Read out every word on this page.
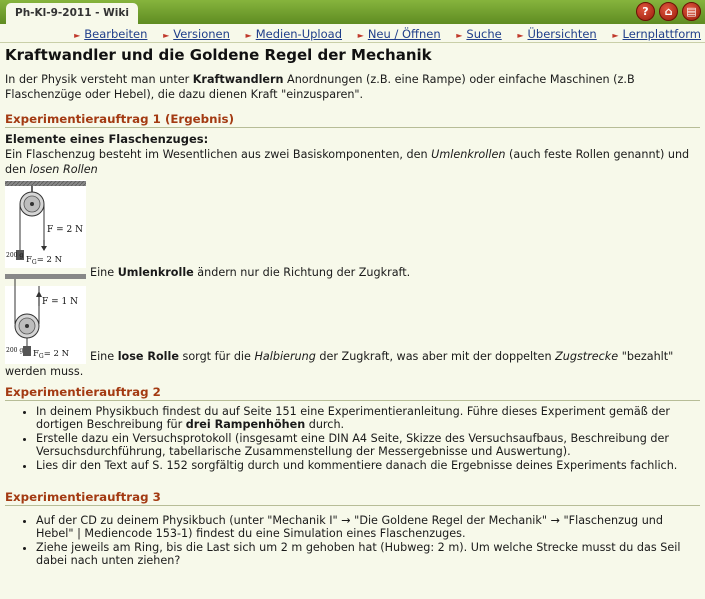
Ph-Kl-9-2011 - Wiki	?	⌂	▤
► Bearbeiten ► Versionen ► Medien-Upload ► Neu / Öffnen ► Suche ► Übersichten ► Lernplattform
Kraftwandler und die Goldene Regel der Mechanik

In der Physik versteht man unter Kraftwandlern Anordnungen (z.B. eine Rampe) oder einfache Maschinen (z.B Flaschenzüge oder Hebel), die dazu dienen Kraft "einzusparen".

Experimentierauftrag 1 (Ergebnis)
Elemente eines Flaschenzuges:

Ein Flaschenzug besteht im Wesentlichen aus zwei Basiskomponenten, den Umlenkrollen (auch feste Rollen genannt) und den losen Rollen

F = 2 N
200 g $F_G= 2$ N
Eine Umlenkrolle ändern nur die Richtung der Zugkraft.
F = 1 N
200 g $F_G= 2$ N	Eine lose Rolle sorgt für die Halbierung der Zugkraft, was aber mit der doppelten Zugstrecke "bezahlt" werden muss.

Experimentierauftrag 2
• In deinem Physikbuch findest du auf Seite 151 eine Experimentieranleitung. Führe dieses Experiment gemäß der dortigen Beschreibung für drei Rampenhöhen durch.
• Erstelle dazu ein Versuchsprotokoll (insgesamt eine DIN A4 Seite, Skizze des Versuchsaufbaus, Beschreibung der Versuchsdurchführung, tabellarische Zusammenstellung der Messergebnisse und Auswertung).
• Lies dir den Text auf S. 152 sorgfältig durch und kommentiere danach die Ergebnisse deines Experiments fachlich.
Experimentierauftrag 3
• Auf der CD zu deinem Physikbuch (unter "Mechanik I" → "Die Goldene Regel der Mechanik" → "Flaschenzug und Hebel" | Mediencode 153-1) findest du eine Simulation eines Flaschenzuges.
• Ziehe jeweils am Ring, bis die Last sich um 2 m gehoben hat (Hubweg: 2 m). Um welche Strecke musst du das Seil dabei nach unten ziehen?
